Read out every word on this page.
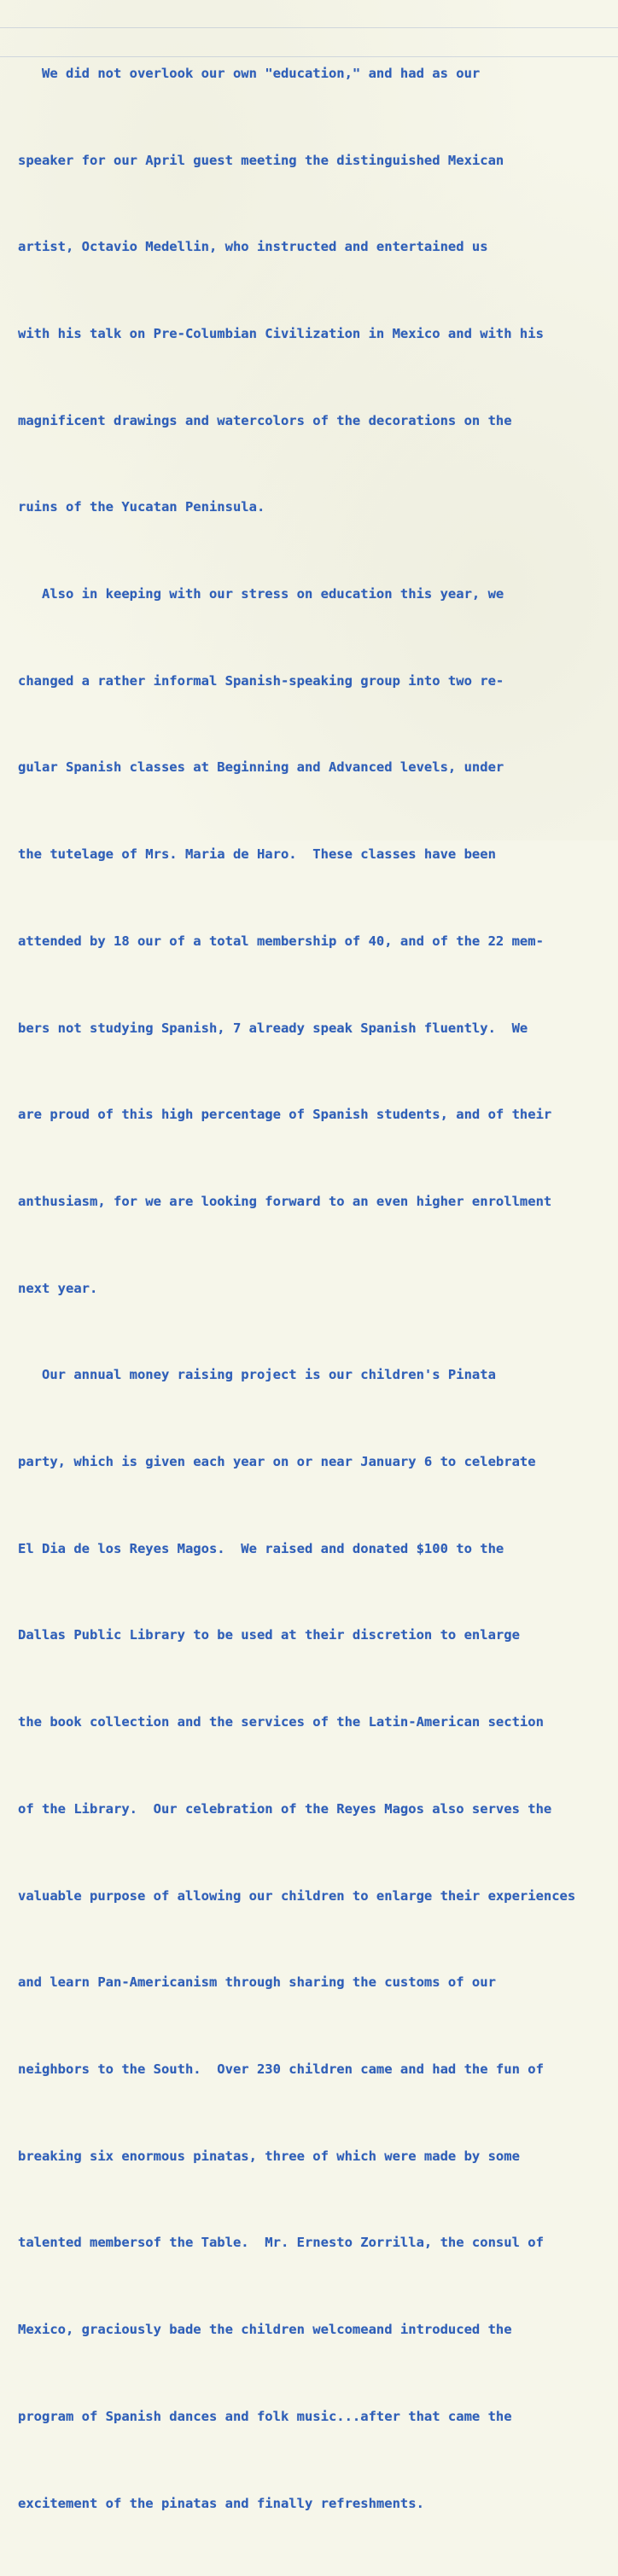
We did not overlook our own "education," and had as our

speaker for our April guest meeting the distinguished Mexican

artist, Octavio Medellin, who instructed and entertained us

with his talk on Pre-Columbian Civilization in Mexico and with his

magnificent drawings and watercolors of the decorations on the

ruins of the Yucatan Peninsula.

Also in keeping with our stress on education this year, we

changed a rather informal Spanish-speaking group into two re-

gular Spanish classes at Beginning and Advanced levels, under

the tutelage of Mrs. Maria de Haro.  These classes have been

attended by 18 our of a total membership of 40, and of the 22 mem-

bers not studying Spanish, 7 already speak Spanish fluently.  We

are proud of this high percentage of Spanish students, and of their

anthusiasm, for we are looking forward to an even higher enrollment

next year.

Our annual money raising project is our children's Pinata

party, which is given each year on or near January 6 to celebrate

El Dia de los Reyes Magos.  We raised and donated $100 to the

Dallas Public Library to be used at their discretion to enlarge

the book collection and the services of the Latin-American section

of the Library.  Our celebration of the Reyes Magos also serves the

valuable purpose of allowing our children to enlarge their experiences

and learn Pan-Americanism through sharing the customs of our

neighbors to the South.  Over 230 children came and had the fun of

breaking six enormous pinatas, three of which were made by some

talented membersof the Table.  Mr. Ernesto Zorrilla, the consul of

Mexico, graciously bade the children welcomeand introduced the

program of Spanish dances and folk music...after that came the

excitement of the pinatas and finally refreshments.
